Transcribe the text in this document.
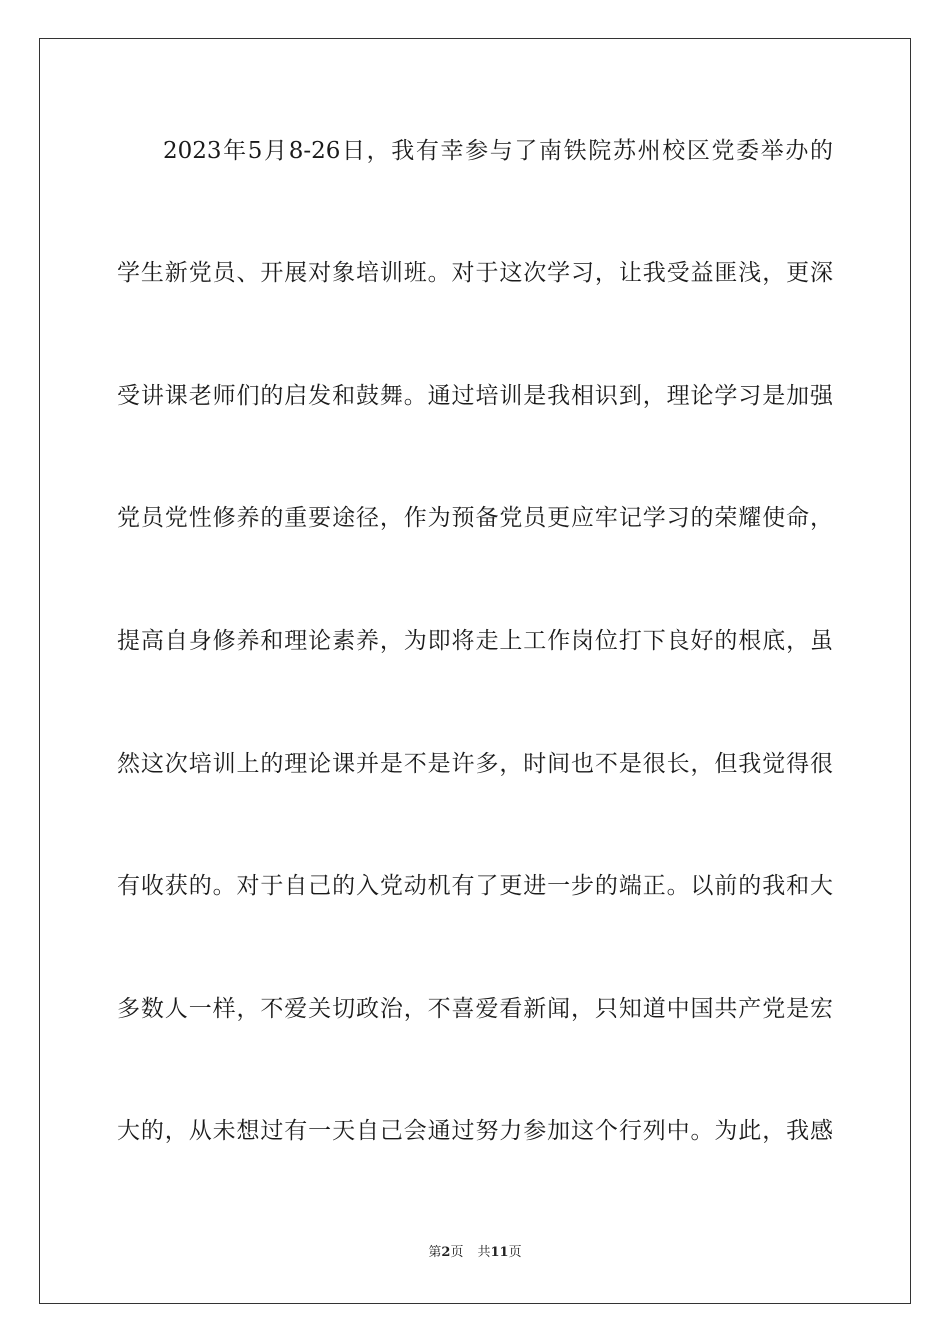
2023年5月8-26日，我有幸参与了南铁院苏州校区党委举办的
学生新党员、开展对象培训班。对于这次学习，让我受益匪浅，更深
受讲课老师们的启发和鼓舞。通过培训是我相识到，理论学习是加强
党员党性修养的重要途径，作为预备党员更应牢记学习的荣耀使命，
提高自身修养和理论素养，为即将走上工作岗位打下良好的根底，虽
然这次培训上的理论课并是不是许多，时间也不是很长，但我觉得很
有收获的。对于自己的入党动机有了更进一步的端正。以前的我和大
多数人一样，不爱关切政治，不喜爱看新闻，只知道中国共产党是宏
大的，从未想过有一天自己会通过努力参加这个行列中。为此，我感
第2页 共11页
